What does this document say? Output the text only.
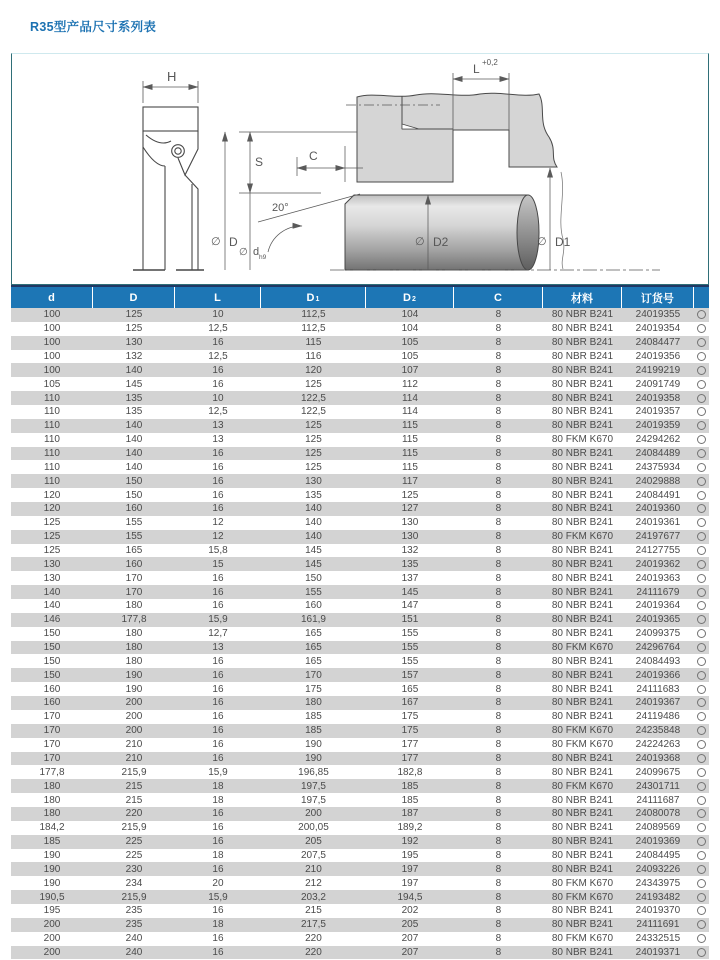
R35型产品尺寸系列表
H	L +0,2
20°
S	C
∅ D
∅ d h9
∅ D2	∅ D1
d	D	L	D 1	D 2	C	材料	订货号
100	125	10	112,5	104	8	80 NBR B241	24019355
100	125	12,5	112,5	104	8	80 NBR B241	24019354
100	130	16	115	105	8	80 NBR B241	24084477
100	132	12,5	116	105	8	80 NBR B241	24019356
100	140	16	120	107	8	80 NBR B241	24199219
105	145	16	125	112	8	80 NBR B241	24091749
110	135	10	122,5	114	8	80 NBR B241	24019358
110	135	12,5	122,5	114	8	80 NBR B241	24019357
110	140	13	125	115	8	80 NBR B241	24019359
110	140	13	125	115	8	80 FKM K670	24294262
110	140	16	125	115	8	80 NBR B241	24084489
110	140	16	125	115	8	80 NBR B241	24375934
110	150	16	130	117	8	80 NBR B241	24029888
120	150	16	135	125	8	80 NBR B241	24084491
120	160	16	140	127	8	80 NBR B241	24019360
125	155	12	140	130	8	80 NBR B241	24019361
125	155	12	140	130	8	80 FKM K670	24197677
125	165	15,8	145	132	8	80 NBR B241	24127755
130	160	15	145	135	8	80 NBR B241	24019362
130	170	16	150	137	8	80 NBR B241	24019363
140	170	16	155	145	8	80 NBR B241	24111679
140	180	16	160	147	8	80 NBR B241	24019364
146	177,8	15,9	161,9	151	8	80 NBR B241	24019365
150	180	12,7	165	155	8	80 NBR B241	24099375
150	180	13	165	155	8	80 FKM K670	24296764
150	180	16	165	155	8	80 NBR B241	24084493
150	190	16	170	157	8	80 NBR B241	24019366
160	190	16	175	165	8	80 NBR B241	24111683
160	200	16	180	167	8	80 NBR B241	24019367
170	200	16	185	175	8	80 NBR B241	24119486
170	200	16	185	175	8	80 FKM K670	24235848
170	210	16	190	177	8	80 FKM K670	24224263
170	210	16	190	177	8	80 NBR B241	24019368
177,8	215,9	15,9	196,85	182,8	8	80 NBR B241	24099675
180	215	18	197,5	185	8	80 FKM K670	24301711
180	215	18	197,5	185	8	80 NBR B241	24111687
180	220	16	200	187	8	80 NBR B241	24080078
184,2	215,9	16	200,05	189,2	8	80 NBR B241	24089569
185	225	16	205	192	8	80 NBR B241	24019369
190	225	18	207,5	195	8	80 NBR B241	24084495
190	230	16	210	197	8	80 NBR B241	24093226
190	234	20	212	197	8	80 FKM K670	24343975
190,5	215,9	15,9	203,2	194,5	8	80 FKM K670	24193482
195	235	16	215	202	8	80 NBR B241	24019370
200	235	18	217,5	205	8	80 NBR B241	24111691
200	240	16	220	207	8	80 FKM K670	24332515
200	240	16	220	207	8	80 NBR B241	24019371
